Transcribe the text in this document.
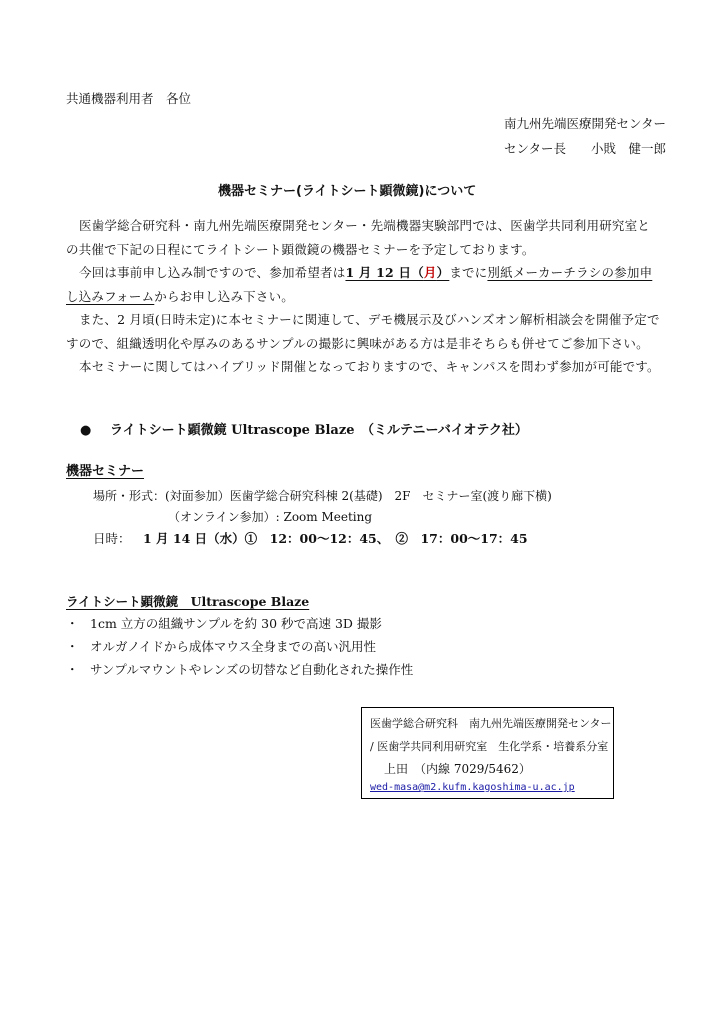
共通機器利用者　各位
南九州先端医療開発センター
センター長　　小戝　健一郎
機器セミナー(ライトシート顕微鏡)について

医歯学総合研究科・南九州先端医療開発センター・先端機器実験部門では、医歯学共同利用研究室と
の共催で下記の日程にてライトシート顕微鏡の機器セミナーを予定しております。

今回は事前申し込み制ですので、参加希望者は1 月 12 日（月）までに別紙メーカーチラシの参加申
し込みフォームからお申し込み下さい。

また、2 月頃(日時未定)に本セミナーに関連して、デモ機展示及びハンズオン解析相談会を開催予定で
すので、組織透明化や厚みのあるサンプルの撮影に興味がある方は是非そちらも併せてご参加下さい。

本セミナーに関してはハイブリッド開催となっておりますので、キャンパスを問わず参加が可能です。

● ライトシート顕微鏡 Ultrascope Blaze　（ミルテニーバイオテク社）
機器セミナー
場所・形式：(対面参加）医歯学総合研究科棟 2(基礎)　2F　セミナー室(渡り廊下横)
（オンライン参加）: Zoom Meeting
日時： 1 月 14 日（水）①　12：00～12：45、　②　17：00～17：45
ライトシート顕微鏡　Ultrascope Blaze
・ 1cm 立方の組織サンプルを約 30 秒で高速 3D 撮影
・ オルガノイドから成体マウス全身までの高い汎用性
・ サンプルマウントやレンズの切替など自動化された操作性
医歯学総合研究科　南九州先端医療開発センター
/ 医歯学共同利用研究室　生化学系・培養系分室
上田　（内線 7029/5462）
wed-masa@m2.kufm.kagoshima-u.ac.jp
